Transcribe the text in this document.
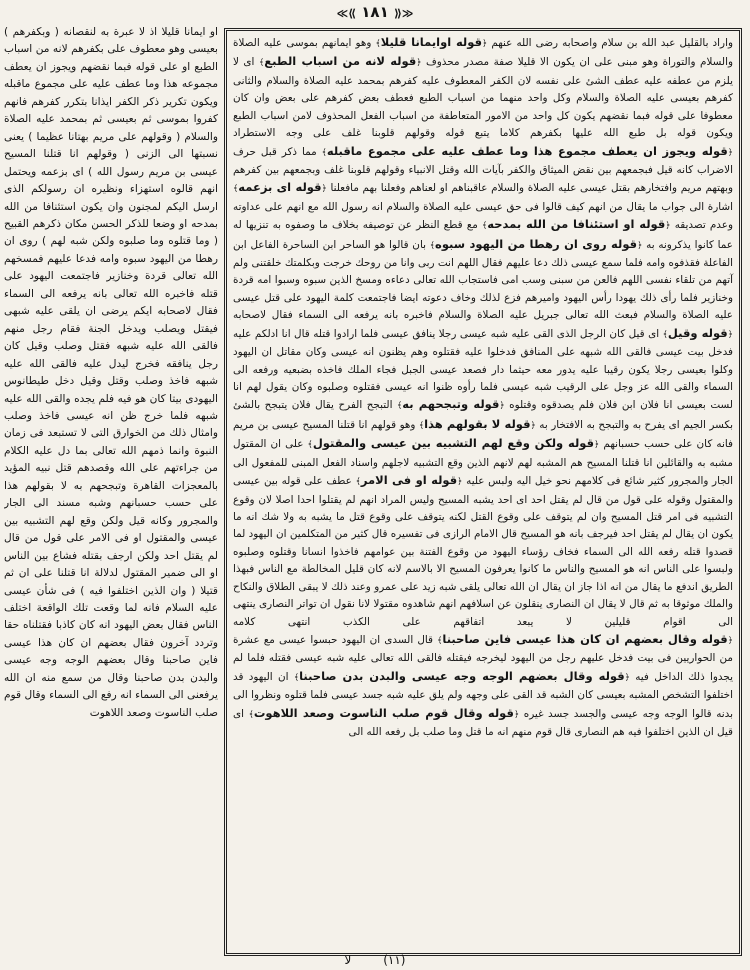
≪⟪ ١٨١ ⟫≫
او ايمانا قليلا اذ لا عبرة به لنقصانه ( وبكفرهم ) بعيسى وهو معطوف على بكفرهم لانه من اسباب الطبع او على قوله فبما نقضهم ويجوز ان يعطف مجموعه هذا وما عطف عليه على مجموع ماقبله ويكون تكرير ذكر الكفر ايذانا بتكرر كفرهم فانهم كفروا بموسى ثم بعيسى ثم بمحمد عليه الصلاة والسلام ( وقولهم على مريم بهتانا عظيما ) يعنى نسبتها الى الزنى ( وقولهم انا قتلنا المسيح عيسى بن مريم رسول الله ) اى بزعمه ويحتمل انهم قالوه استهزاء ونظيره ان رسولكم الذى ارسل اليكم لمجنون وان يكون استئنافا من الله بمدحه او وضعا للذكر الحسن مكان ذكرهم القبيح ( وما قتلوه وما صلبوه ولكن شبه لهم ) روى ان رهطا من اليهود سبوه وامه فدعا عليهم فمسخهم الله تعالى قردة وخنازير فاجتمعت اليهود على قتله فاخبره الله تعالى بانه يرفعه الى السماء فقال لاصحابه ايكم يرضى ان يلقى عليه شبهى فيقتل ويصلب ويدخل الجنة فقام رجل منهم فالقى الله عليه شبهه فقتل وصلب وقيل كان رجل ينافقه فخرج ليدل عليه فالقى الله عليه شبهه فاخذ وصلب وقتل وقيل دخل طيطانوس اليهودى بيتا كان هو فيه فلم يجده والقى الله عليه شبهه فلما خرج ظن انه عيسى فاخذ وصلب وامثال ذلك من الخوارق التى لا تستبعد فى زمان النبوة وانما ذمهم الله تعالى بما دل عليه الكلام من جراءتهم على الله وقصدهم قتل نبيه المؤيد بالمعجزات القاهرة وتبجحهم به لا بقولهم هذا على حسب حسبانهم وشبه مسند الى الجار والمجرور وكانه قيل ولكن وقع لهم التشبيه بين عيسى والمقتول او فى الامر على قول من قال لم يقتل احد ولكن ارجف بقتله فشاع بين الناس او الى ضمير المقتول لدلالة انا قتلنا على ان ثم قتيلا ( وان الذين اختلفوا فيه ) فى شأن عيسى عليه السلام فانه لما وقعت تلك الواقعة اختلف الناس فقال بعض اليهود انه كان كاذبا فقتلناه حقا وتردد آخرون فقال بعضهم ان كان هذا عيسى فاين صاحبنا وقال بعضهم الوجه وجه عيسى والبدن بدن صاحبنا وقال من سمع منه ان الله يرفعنى الى السماء انه رفع الى السماء وقال قوم صلب الناسوت وصعد اللاهوت
واراد بالقليل عبد الله بن سلام واصحابه رضى الله عنهم ﴿قوله اوايمانا قليلا﴾ وهو ايمانهم بموسى عليه الصلاة والسلام والتوراة وهو مبنى على ان يكون الا قليلا صفة مصدر محذوف ﴿قوله لانه من اسباب الطبع﴾ اى لا يلزم من عطفه عليه عطف الشئ على نفسه لان الكفر المعطوف عليه كفرهم بمحمد عليه الصلاة والسلام والثانى كفرهم بعيسى عليه الصلاة والسلام وكل واحد منهما من اسباب الطبع فعطف بعض كفرهم على بعض وان كان معطوفا على قوله فبما نقضهم يكون كل واحد من الامور المتعاطفة من اسباب الفعل المحذوف لامن اسباب الطبع ويكون قوله بل طبع الله عليها بكفرهم كلاما يتبع قوله وقولهم قلوبنا غلف على وجه الاستطراد ﴿قوله ويجوز ان يعطف مجموع هذا وما عطف عليه على مجموع ماقبله﴾ مما ذكر قبل حرف الاضراب كانه قيل فبجمعهم بين نقض الميثاق والكفر بآيات الله وقتل الانبياء وقولهم قلوبنا غلف وبجمعهم بين كفرهم وبهتهم مريم وافتخارهم بقتل عيسى عليه الصلاة والسلام عاقبناهم او لعناهم وفعلنا بهم مافعلنا ﴿قوله اى بزعمه﴾ اشارة الى جواب ما يقال من انهم كيف قالوا فى حق عيسى عليه الصلاة والسلام انه رسول الله مع انهم على عداوته وعدم تصديقه ﴿قوله او استئنافا من الله بمدحه﴾ مع قطع النظر عن توصيفه بخلاف ما وصفوه به تنزيها له عما كانوا يذكرونه به ﴿قوله روى ان رهطا من اليهود سبوه﴾ بان قالوا هو الساحر ابن الساحرة الفاعل ابن الفاعلة فقذفوه وامه فلما سمع عيسى ذلك دعا عليهم فقال اللهم انت ربى وانا من روحك خرجت وبكلمتك خلقتنى ولم آتهم من تلقاء نفسى اللهم فالعن من سبنى وسب امى فاستجاب الله تعالى دعاءه ومسخ الذين سبوه وسبوا امه قردة وخنازير فلما رأى ذلك يهودا رأس اليهود واميرهم فزع لذلك وخاف دعوته ايضا فاجتمعت كلمة اليهود على قتل عيسى عليه الصلاة والسلام فبعث الله تعالى جبريل عليه الصلاة والسلام فاخبره بانه يرفعه الى السماء فقال لاصحابه ﴿قوله وقيل﴾ اى قيل كان الرجل الذى القى عليه شبه عيسى رجلا ينافق عيسى فلما ارادوا قتله قال انا ادلكم عليه فدخل بيت عيسى فالقى الله شبهه على المنافق فدخلوا عليه فقتلوه وهم يظنون انه عيسى وكان مقاتل ان اليهود وكلوا بعيسى رجلا يكون رقيبا عليه يدور معه حيثما دار فصعد عيسى الجبل فجاء الملك فاخذه بضبعيه ورفعه الى السماء والقى الله عز وجل على الرقيب شبه عيسى فلما رأوه ظنوا انه عيسى فقتلوه وصلبوه وكان يقول لهم انا لست بعيسى انا فلان ابن فلان فلم يصدقوه وقتلوه ﴿قوله وتبجحهم به﴾ التبجح الفرح يقال فلان يتبجح بالشئ بكسر الجيم اى يفرح به والتبجح به الافتخار به ﴿قوله لا بقولهم هذا﴾ وهو قولهم انا قتلنا المسيح عيسى بن مريم فانه كان على حسب حسبانهم ﴿قوله ولكن وقع لهم التشبيه بين عيسى والمقتول﴾ على ان المقتول مشبه به والقائلين انا قتلنا المسيح هم المشبه لهم لانهم الذين وقع التشبيه لاجلهم واسناد الفعل المبنى للمفعول الى الجار والمجرور كثير شائع فى كلامهم نحو خيل اليه ولبس عليه ﴿قوله او فى الامر﴾ عطف على قوله بين عيسى والمقتول وقوله على قول من قال لم يقتل احد اى احد يشبه المسيح وليس المراد انهم لم يقتلوا احدا اصلا لان وقوع التشبيه فى امر قتل المسيح وان لم يتوقف على وقوع القتل لكنه يتوقف على وقوع قتل ما يشبه به ولا شك انه ما يكون ان يقال لم يقتل احد فيرجف بانه هو المسيح قال الامام الرازى فى تفسيره قال كثير من المتكلمين ان اليهود لما قصدوا قتله رفعه الله الى السماء فخاف رؤساء اليهود من وقوع الفتنة بين عوامهم فاخذوا انسانا وقتلوه وصلبوه ولبسوا على الناس انه هو المسيح والناس ما كانوا يعرفون المسيح الا بالاسم لانه كان قليل المخالطة مع الناس فبهذا الطريق اندفع ما يقال من انه اذا جاز ان يقال ان الله تعالى يلقى شبه زيد على عمرو وعند ذلك لا يبقى الطلاق والنكاح والملك موثوقا به ثم قال لا يقال ان النصارى ينقلون عن اسلافهم انهم شاهدوه مقتولا لانا نقول ان تواتر النصارى ينتهى الى اقوام قليلين لا يبعد اتفاقهم على الكذب انتهى كلامه ﴿قوله وقال بعضهم ان كان هذا عيسى فاين صاحبنا﴾ قال السدى ان اليهود حبسوا عيسى مع عشرة من الحواريين فى بيت فدخل عليهم رجل من اليهود ليخرجه فيقتله فالقى الله تعالى عليه شبه عيسى فقتله فلما لم يجدوا ذلك الداخل فيه ﴿قوله وقال بعضهم الوجه وجه عيسى والبدن بدن صاحبنا﴾ ان اليهود قد اختلفوا التشخص المشبه بعيسى كان الشبه قد القى على وجهه ولم يلق عليه شبه جسد عيسى فلما قتلوه ونظروا الى بدنه قالوا الوجه وجه عيسى والجسد جسد غيره ﴿قوله وقال قوم صلب الناسوت وصعد اللاهوت﴾ اى قيل ان الذين اختلفوا فيه هم النصارى قال قوم منهم انه ما قتل وما صلب بل رفعه الله الى
لا	(١١)
